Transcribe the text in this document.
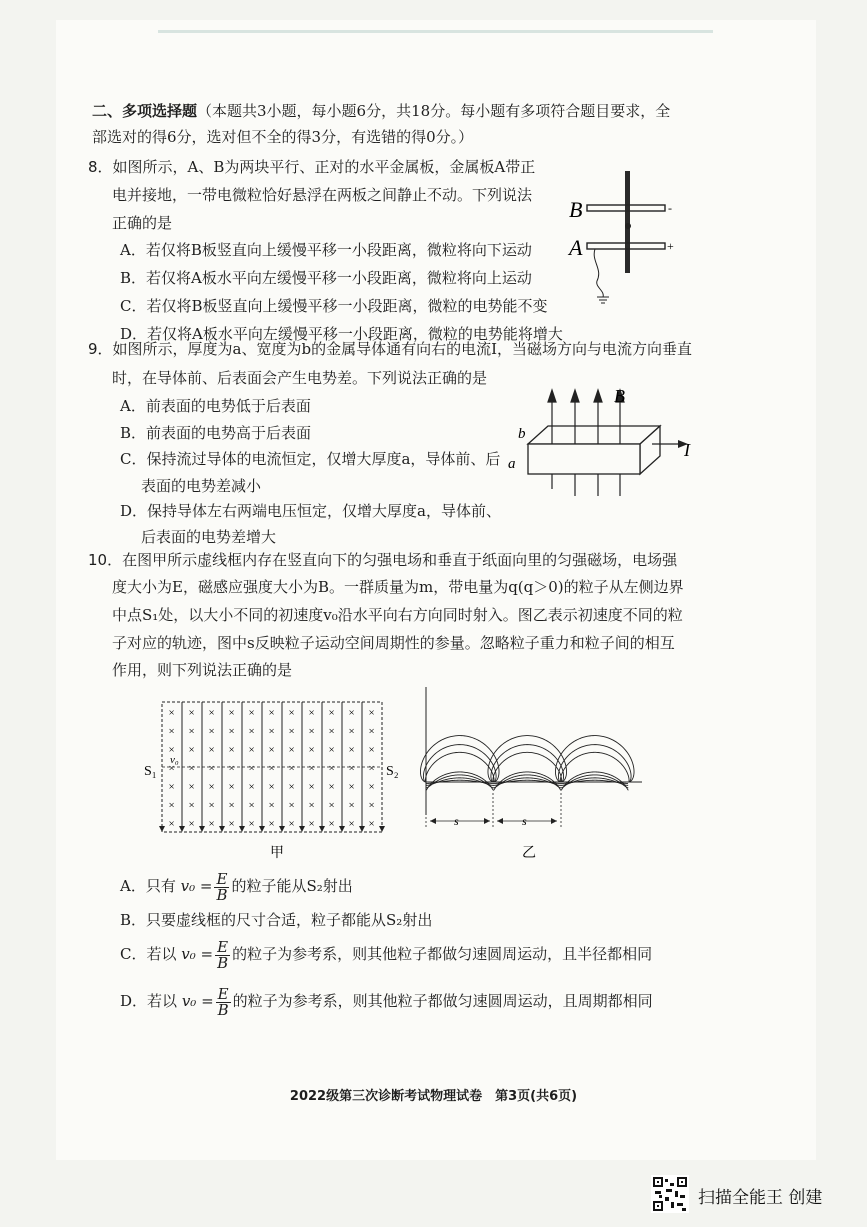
二、多项选择题（本题共3小题，每小题6分，共18分。每小题有多项符合题目要求，全
部选对的得6分，选对但不全的得3分，有选错的得0分。）
8．如图所示，A、B为两块平行、正对的水平金属板，金属板A带正
电并接地，一带电微粒恰好悬浮在两板之间静止不动。下列说法
正确的是
A．若仅将B板竖直向上缓慢平移一小段距离，微粒将向下运动
B．若仅将A板水平向左缓慢平移一小段距离，微粒将向上运动
C．若仅将B板竖直向上缓慢平移一小段距离，微粒的电势能不变
D．若仅将A板水平向左缓慢平移一小段距离，微粒的电势能将增大
B
A
-
+
9．如图所示，厚度为a、宽度为b的金属导体通有向右的电流I，当磁场方向与电流方向垂直
时，在导体前、后表面会产生电势差。下列说法正确的是
A．前表面的电势低于后表面
B．前表面的电势高于后表面
C．保持流过导体的电流恒定，仅增大厚度a，导体前、后
表面的电势差减小
D．保持导体左右两端电压恒定，仅增大厚度a，导体前、
后表面的电势差增大
B
I
b
a
10．在图甲所示虚线框内存在竖直向下的匀强电场和垂直于纸面向里的匀强磁场，电场强
度大小为E，磁感应强度大小为B。一群质量为m，带电量为q(q＞0)的粒子从左侧边界
中点S₁处，以大小不同的初速度v₀沿水平向右方向同时射入。图乙表示初速度不同的粒
子对应的轨迹，图中s反映粒子运动空间周期性的参量。忽略粒子重力和粒子间的相互
作用，则下列说法正确的是
× × × × × × × × × × ×
× × × × × × × × × × ×
× × × × × × × × × × ×
× × × × × × × × × × ×
× × × × × × × × × × ×
× × × × × × × × × × ×
× × × × × × × × × × ×
S₁	S₂
v₀
甲
s	s
乙
A．只有 $v_0 = \frac{E}{B}$ 的粒子能从S₂射出
B．只要虚线框的尺寸合适，粒子都能从S₂射出
C．若以 $v_0 = \frac{E}{B}$ 的粒子为参考系，则其他粒子都做匀速圆周运动，且半径都相同
D．若以 $v_0 = \frac{E}{B}$ 的粒子为参考系，则其他粒子都做匀速圆周运动，且周期都相同
2022级第三次诊断考试物理试卷　第3页(共6页)
扫描全能王 创建
